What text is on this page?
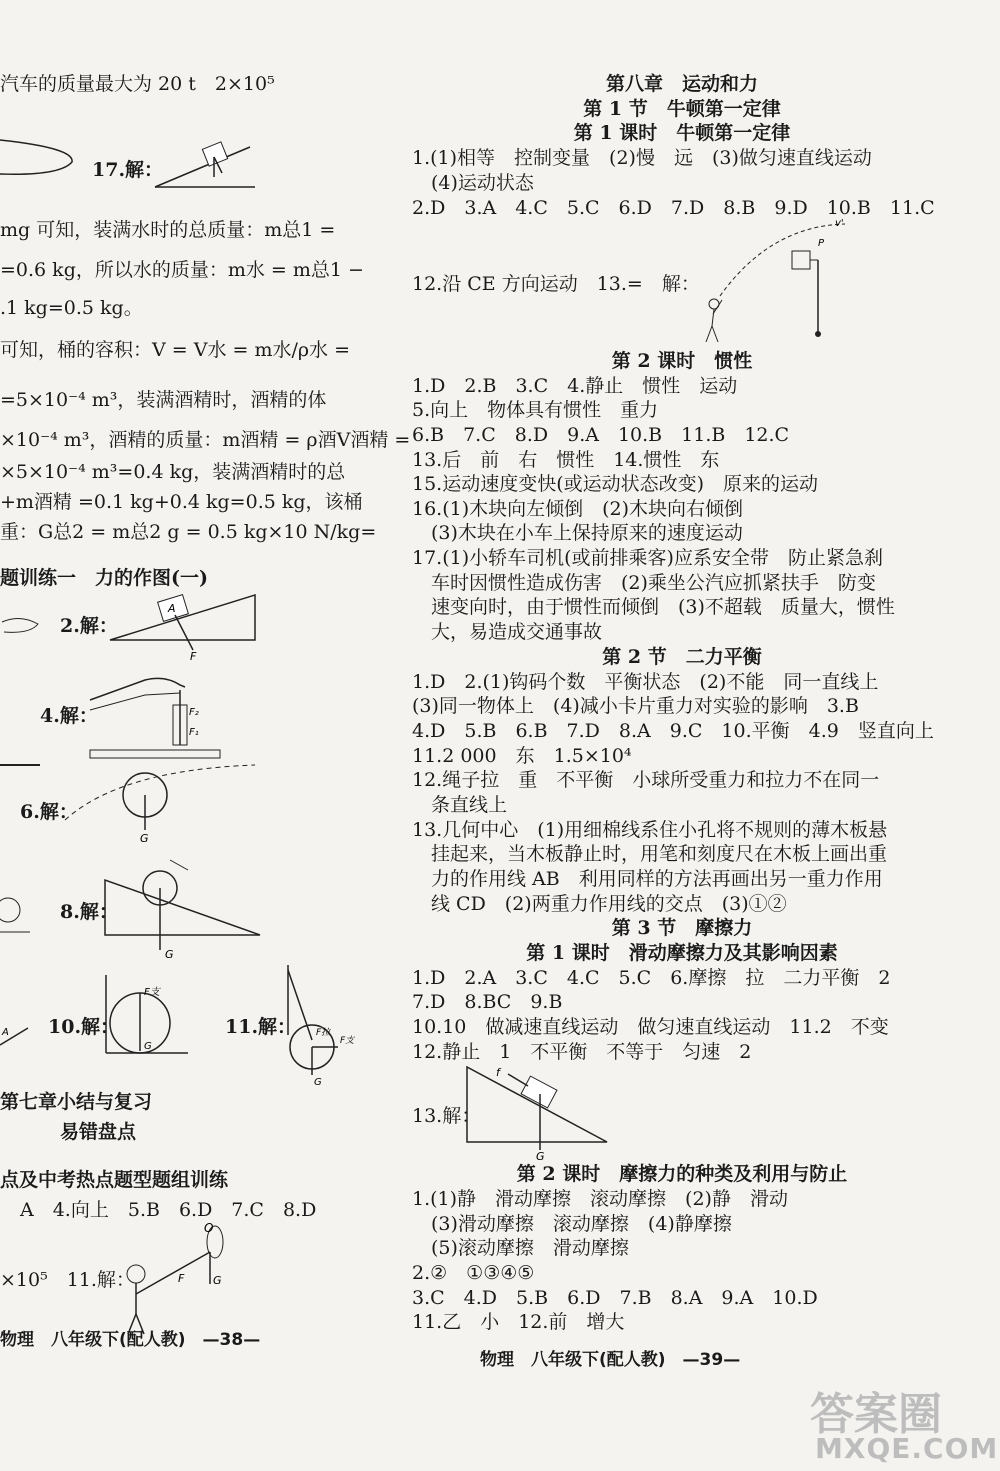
汽车的质量最大为 20 t　2×10⁵
17.解：
mg 可知，装满水时的总质量：m总1 =
=0.6 kg，所以水的质量：m水 = m总1 −
.1 kg=0.5 kg。
可知，桶的容积：V = V水 = m水/ρ水 =
=5×10⁻⁴ m³，装满酒精时，酒精的体
×10⁻⁴ m³，酒精的质量：m酒精 = ρ酒V酒精 =
×5×10⁻⁴ m³=0.4 kg，装满酒精时的总
+m酒精 =0.1 kg+0.4 kg=0.5 kg，该桶
重：G总2 = m总2 g = 0.5 kg×10 N/kg=
题训练一　力的作图(一)
2.解：
A
F
4.解：	F₂
F₁
6.解：
G
8.解：
G
A 10.解：
F支
G
11.解： F拉
F支
G
第七章小结与复习
易错盘点
点及中考热点题型题组训练
A　4.向上　5.B　6.D　7.C　8.D
×10⁵　11.解：	F
O
G
物理　八年级下(配人教)　—38—
第八章　运动和力
第 1 节　牛顿第一定律
第 1 课时　牛顿第一定律
1.(1)相等　控制变量　(2)慢　远　(3)做匀速直线运动
　(4)运动状态
2.D　3.A　4.C　5.C　6.D　7.D　8.B　9.D　10.B　11.C
12.沿 CE 方向运动　13.=　解：
v'
P
第 2 课时　惯性
1.D　2.B　3.C　4.静止　惯性　运动
5.向上　物体具有惯性　重力
6.B　7.C　8.D　9.A　10.B　11.B　12.C
13.后　前　右　惯性　14.惯性　东
15.运动速度变快(或运动状态改变)　原来的运动
16.(1)木块向左倾倒　(2)木块向右倾倒
　(3)木块在小车上保持原来的速度运动
17.(1)小轿车司机(或前排乘客)应系安全带　防止紧急刹
　车时因惯性造成伤害　(2)乘坐公汽应抓紧扶手　防变
　速变向时，由于惯性而倾倒　(3)不超载　质量大，惯性
　大，易造成交通事故
第 2 节　二力平衡
1.D　2.(1)钩码个数　平衡状态　(2)不能　同一直线上
(3)同一物体上　(4)减小卡片重力对实验的影响　3.B
4.D　5.B　6.B　7.D　8.A　9.C　10.平衡　4.9　竖直向上
11.2 000　东　1.5×10⁴
12.绳子拉　重　不平衡　小球所受重力和拉力不在同一
　条直线上
13.几何中心　(1)用细棉线系住小孔将不规则的薄木板悬
　挂起来，当木板静止时，用笔和刻度尺在木板上画出重
　力的作用线 AB　利用同样的方法再画出另一重力作用
　线 CD　(2)两重力作用线的交点　(3)①②
第 3 节　摩擦力
第 1 课时　滑动摩擦力及其影响因素
1.D　2.A　3.C　4.C　5.C　6.摩擦　拉　二力平衡　2
7.D　8.BC　9.B
10.10　做减速直线运动　做匀速直线运动　11.2　不变
12.静止　1　不平衡　不等于　匀速　2
13.解：
f
G
第 2 课时　摩擦力的种类及利用与防止
1.(1)静　滑动摩擦　滚动摩擦　(2)静　滑动
　(3)滑动摩擦　滚动摩擦　(4)静摩擦
　(5)滚动摩擦　滑动摩擦
2.②　①③④⑤
3.C　4.D　5.B　6.D　7.B　8.A　9.A　10.D
11.乙　小　12.前　增大
物理　八年级下(配人教)　—39—
答案圈
MXQE.COM
